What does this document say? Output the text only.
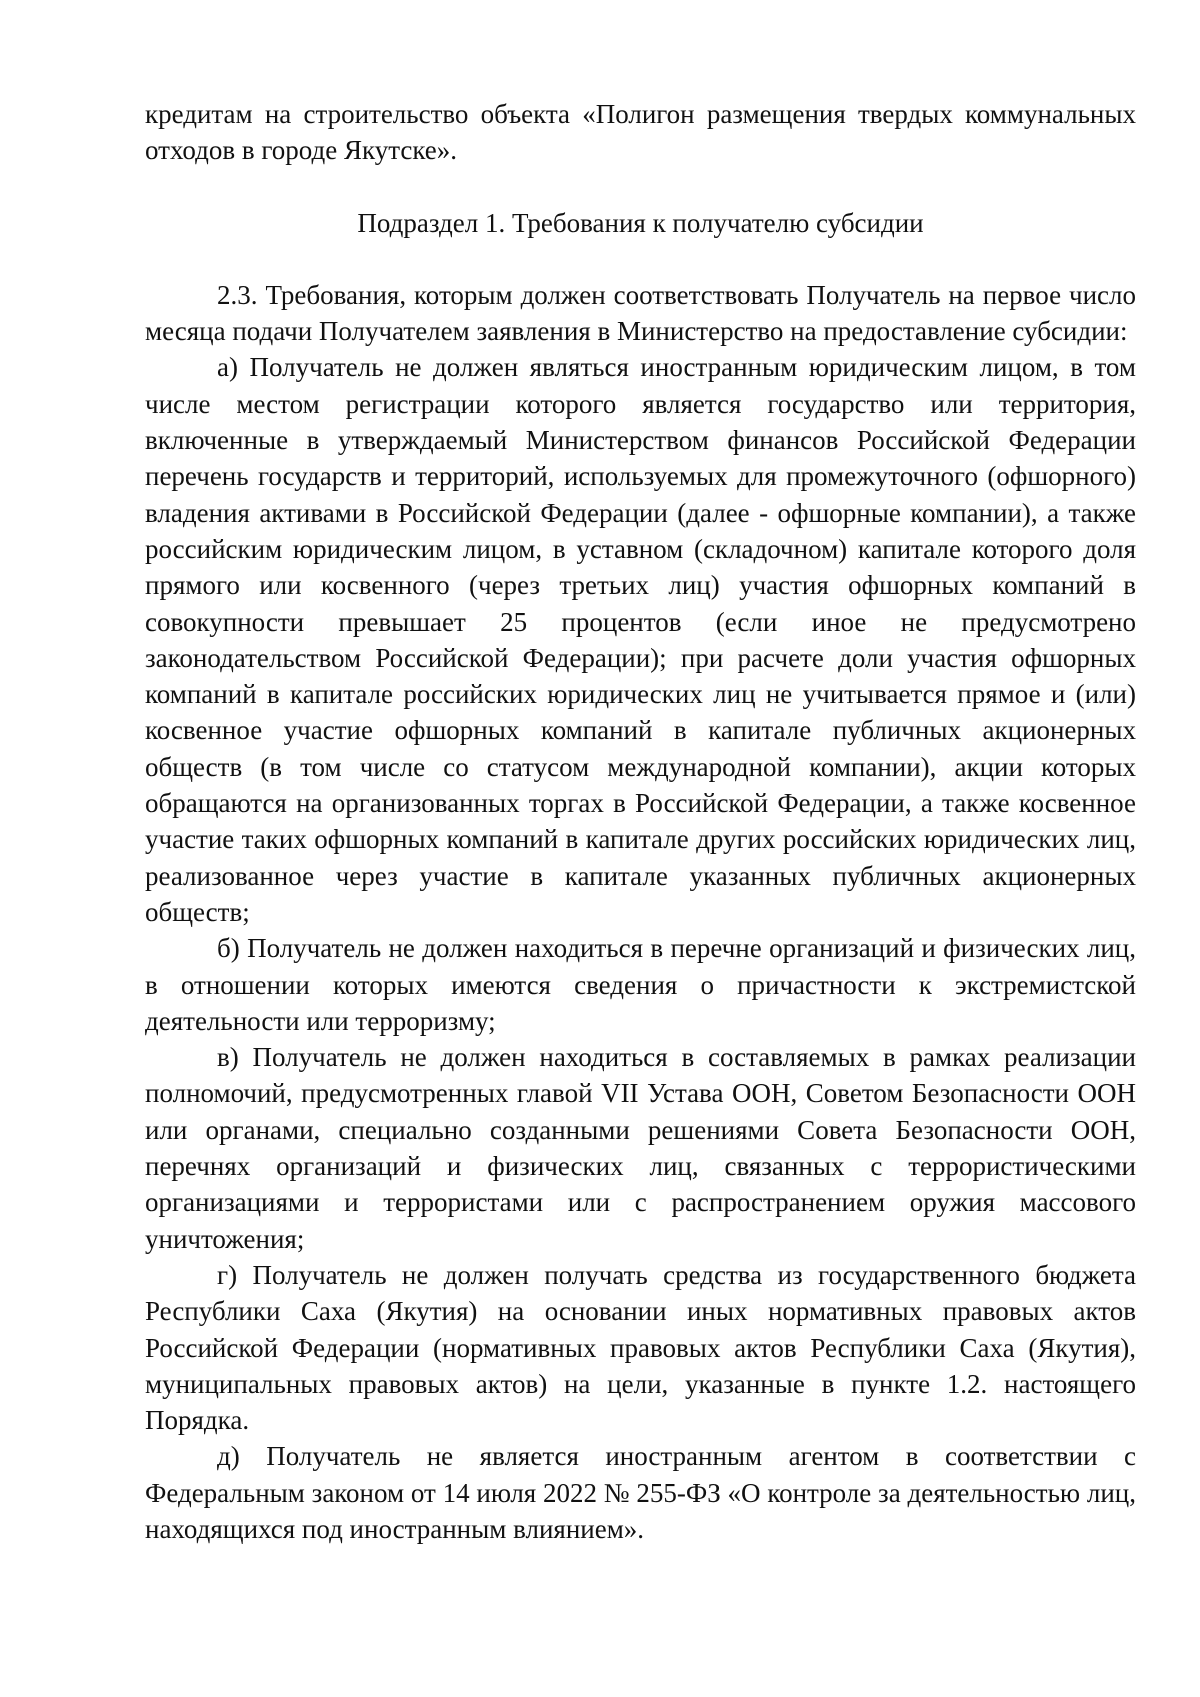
кредитам на строительство объекта «Полигон размещения твердых коммунальных отходов в городе Якутске».

Подраздел 1. Требования к получателю субсидии

2.3. Требования, которым должен соответствовать Получатель на первое число месяца подачи Получателем заявления в Министерство на предоставление субсидии:

а) Получатель не должен являться иностранным юридическим лицом, в том числе местом регистрации которого является государство или территория, включенные в утверждаемый Министерством финансов Российской Федерации перечень государств и территорий, используемых для промежуточного (офшорного) владения активами в Российской Федерации (далее - офшорные компании), а также российским юридическим лицом, в уставном (складочном) капитале которого доля прямого или косвенного (через третьих лиц) участия офшорных компаний в совокупности превышает 25 процентов (если иное не предусмотрено законодательством Российской Федерации); при расчете доли участия офшорных компаний в капитале российских юридических лиц не учитывается прямое и (или) косвенное участие офшорных компаний в капитале публичных акционерных обществ (в том числе со статусом международной компании), акции которых обращаются на организованных торгах в Российской Федерации, а также косвенное участие таких офшорных компаний в капитале других российских юридических лиц, реализованное через участие в капитале указанных публичных акционерных обществ;

б) Получатель не должен находиться в перечне организаций и физических лиц, в отношении которых имеются сведения о причастности к экстремистской деятельности или терроризму;

в) Получатель не должен находиться в составляемых в рамках реализации полномочий, предусмотренных главой VII Устава ООН, Советом Безопасности ООН или органами, специально созданными решениями Совета Безопасности ООН, перечнях организаций и физических лиц, связанных с террористическими организациями и террористами или с распространением оружия массового уничтожения;

г) Получатель не должен получать средства из государственного бюджета Республики Саха (Якутия) на основании иных нормативных правовых актов Российской Федерации (нормативных правовых актов Республики Саха (Якутия), муниципальных правовых актов) на цели, указанные в пункте 1.2. настоящего Порядка.

д) Получатель не является иностранным агентом в соответствии с Федеральным законом от 14 июля 2022 № 255-ФЗ «О контроле за деятельностью лиц, находящихся под иностранным влиянием».
